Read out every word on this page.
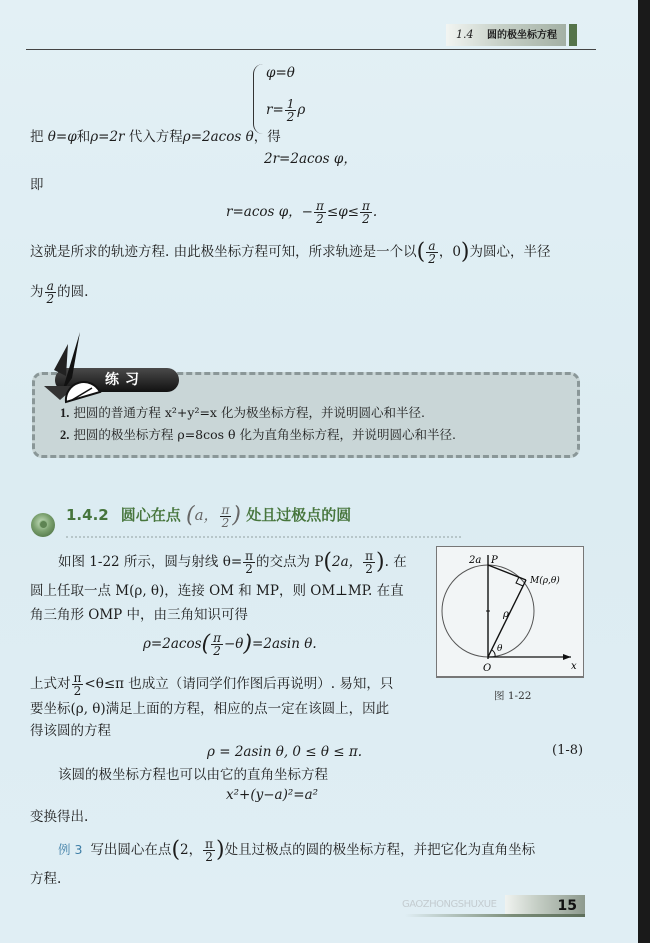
1.4 圆的极坐标方程
φ=θ
$r= \frac{1}{2}$ ρ
把 θ=φ和ρ=2r 代入方程ρ=2acos θ，得
2r=2acos φ，
即
r=acos φ，− $\frac{\pi}{2} \le\varphi\le \frac{\pi}{2}$ .
这就是所求的轨迹方程. 由此极坐标方程可知，所求轨迹是一个以( $\frac{a}{2}$ ，0)为圆心，半径
为 $\frac{a}{2}$ 的圆.
练习
1. 把圆的普通方程 x²+y²=x 化为极坐标方程，并说明圆心和半径.
2. 把圆的极坐标方程 ρ=8cos θ 化为直角坐标方程，并说明圆心和半径.
1.4.2 圆心在点 (a， $\frac{\pi}{2}$ ) 处且过极点的圆
如图 1-22 所示，圆与射线 $\theta= \frac{\pi}{2}$ 的交点为 P(2a， $\frac{\pi}{2}$ ). 在
圆上任取一点 M(ρ, θ)，连接 OM 和 MP，则 OM⊥MP. 在直
角三角形 OMP 中，由三角知识可得
$\rho=2acos( \frac{\pi}{2} -\theta)=2asin$ θ.
上式对 $\frac{\pi}{2} <\theta\le\pi$ 也成立（请同学们作图后再说明）. 易知，只
要坐标(ρ, θ)满足上面的方程，相应的点一定在该圆上，因此
得该圆的方程
ρ = 2asin θ, 0 ≤ θ ≤ π.	(1-8)
该圆的极坐标方程也可以由它的直角坐标方程
x²+(y−a)²=a²
变换得出.
例 3 写出圆心在点(2， $\frac{\pi}{2}$ )处且过极点的圆的极坐标方程，并把它化为直角坐标
方程.
2a P
M(ρ,θ)
ρ
θ
O	x
图 1-22
GAOZHONGSHUXUE	15
